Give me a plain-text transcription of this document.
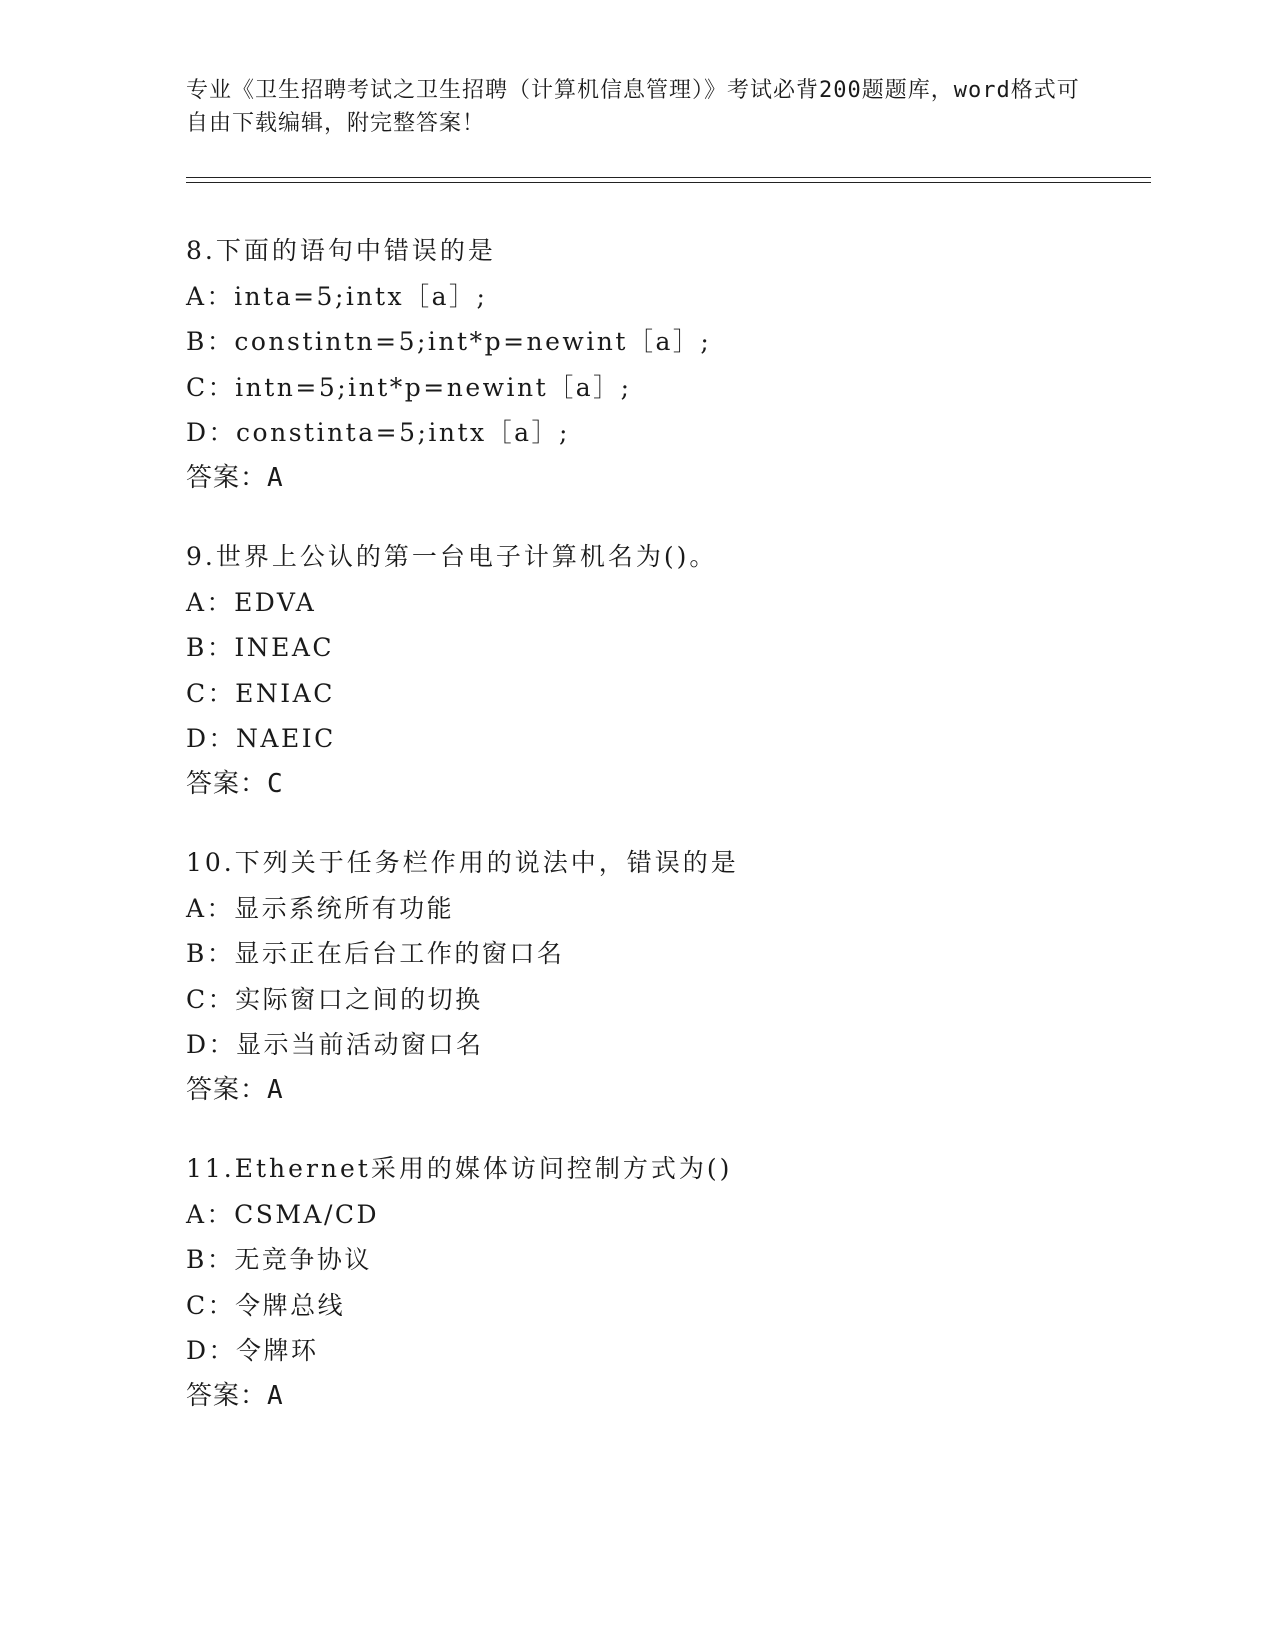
专业《卫生招聘考试之卫生招聘（计算机信息管理）》考试必背200题题库，word格式可自由下载编辑，附完整答案！
8.下面的语句中错误的是
A：inta=5;intx［a］;
B：constintn=5;int*p=newint［a］;
C：intn=5;int*p=newint［a］;
D：constinta=5;intx［a］;
答案：A
9.世界上公认的第一台电子计算机名为()。
A：EDVA
B：INEAC
C：ENIAC
D：NAEIC
答案：C
10.下列关于任务栏作用的说法中，错误的是
A：显示系统所有功能
B：显示正在后台工作的窗口名
C：实际窗口之间的切换
D：显示当前活动窗口名
答案：A
11.Ethernet采用的媒体访问控制方式为()
A：CSMA/CD
B：无竞争协议
C：令牌总线
D：令牌环
答案：A
